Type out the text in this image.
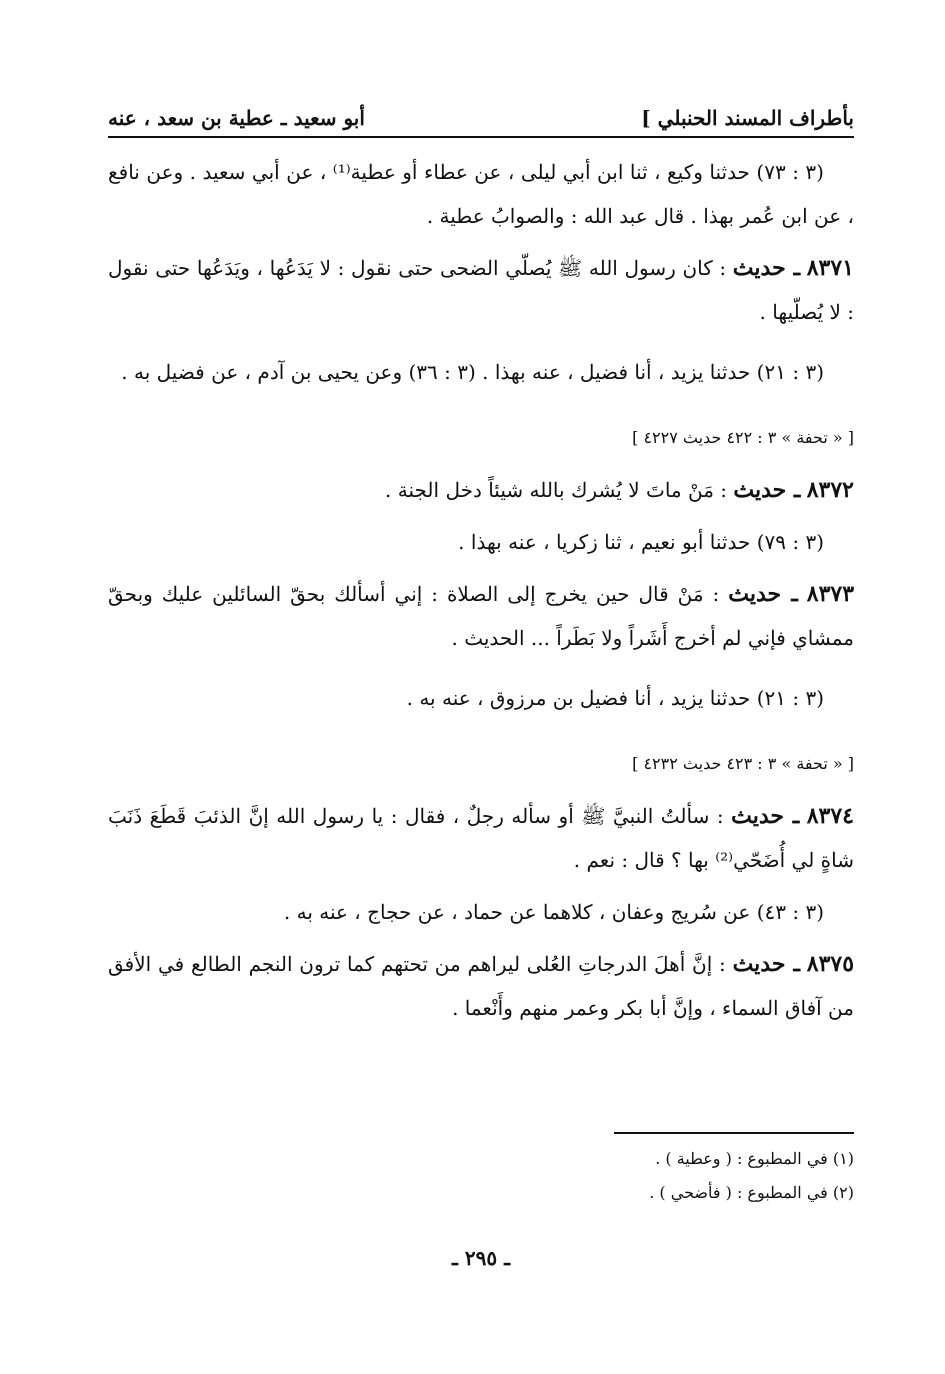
بأطراف المسند الحنبلي ]
أبو سعيد ـ عطية بن سعد ، عنه

(٣ : ٧٣) حدثنا وكيع ، ثنا ابن أبي ليلى ، عن عطاء أو عطية⁽¹⁾ ، عن أبي سعيد . وعن نافع ، عن ابن عُمر بهذا . قال عبد الله : والصوابُ عطية .

٨٣٧١ ـ حديث : كان رسول الله ﷺ يُصلّي الضحى حتى نقول : لا يَدَعُها ، ويَدَعُها حتى نقول : لا يُصلّيها .

(٣ : ٢١) حدثنا يزيد ، أنا فضيل ، عنه بهذا . (٣ : ٣٦) وعن يحيى بن آدم ، عن فضيل به .

[ « تحفة » ٣ : ٤٢٢ حديث ٤٢٢٧ ]

٨٣٧٢ ـ حديث : مَنْ ماتَ لا يُشرك بالله شيئاً دخل الجنة .

(٣ : ٧٩) حدثنا أبو نعيم ، ثنا زكريا ، عنه بهذا .

٨٣٧٣ ـ حديث : مَنْ قال حين يخرج إلى الصلاة : إني أسألك بحقّ السائلين عليك وبحقّ ممشاي فإني لم أخرج أَشَراً ولا بَطَراً ... الحديث .

(٣ : ٢١) حدثنا يزيد ، أنا فضيل بن مرزوق ، عنه به .

[ « تحفة » ٣ : ٤٢٣ حديث ٤٢٣٢ ]

٨٣٧٤ ـ حديث : سألتُ النبيَّ ﷺ أو سأله رجلٌ ، فقال : يا رسول الله إنَّ الذئبَ قَطَعَ ذَنَبَ شاةٍ لي أُضَحّي⁽²⁾ بها ؟ قال : نعم .

(٣ : ٤٣) عن سُريج وعفان ، كلاهما عن حماد ، عن حجاج ، عنه به .

٨٣٧٥ ـ حديث : إنَّ أهلَ الدرجاتِ العُلى ليراهم من تحتهم كما ترون النجم الطالع في الأفق من آفاق السماء ، وإنَّ أبا بكر وعمر منهم وأَنْعما .

(١) في المطبوع : ( وعطية ) .

(٢) في المطبوع : ( فأضحي ) .

ـ ٢٩٥ ـ
